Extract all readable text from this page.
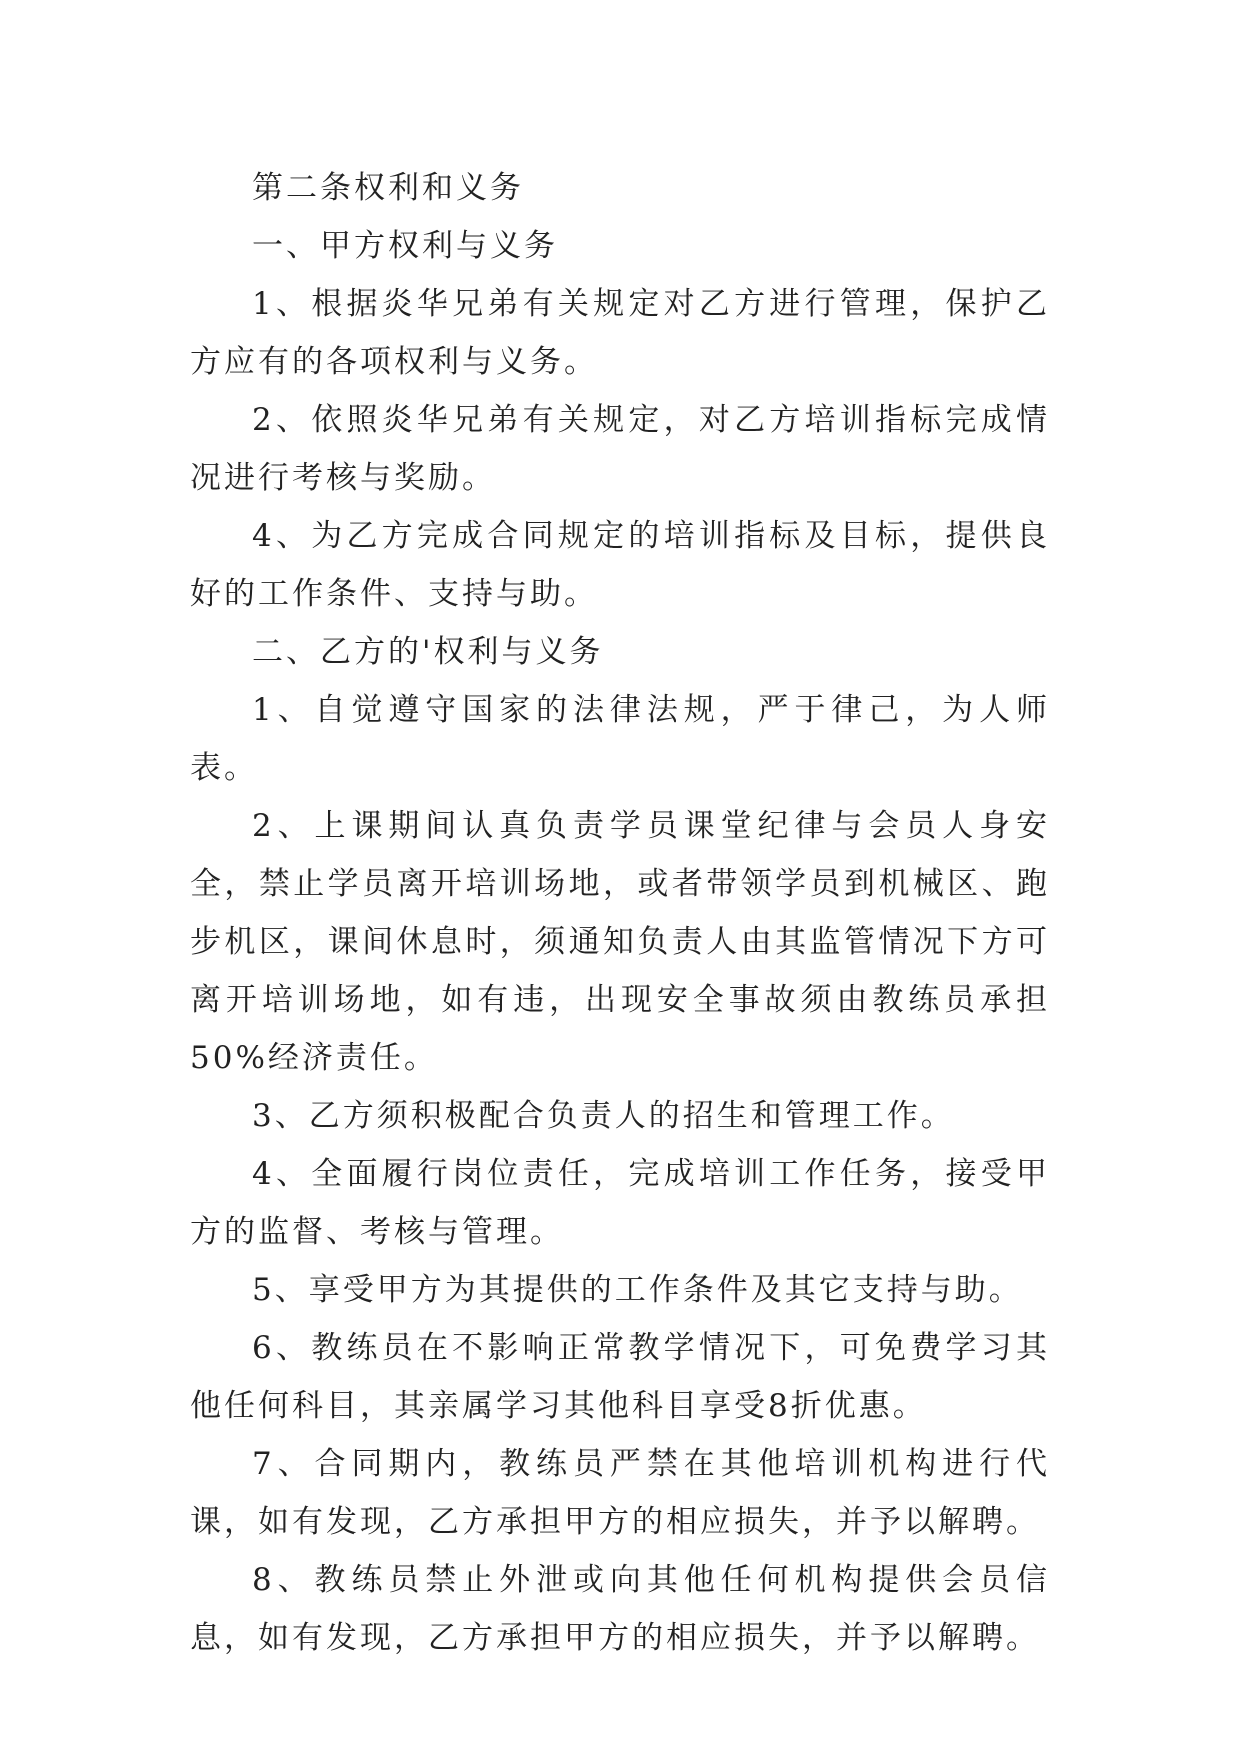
第二条权利和义务

一、甲方权利与义务

1、根据炎华兄弟有关规定对乙方进行管理，保护乙方应有的各项权利与义务。

2、依照炎华兄弟有关规定，对乙方培训指标完成情况进行考核与奖励。

4、为乙方完成合同规定的培训指标及目标，提供良好的工作条件、支持与助。

二、乙方的'权利与义务

1、自觉遵守国家的法律法规，严于律己，为人师表。

2、上课期间认真负责学员课堂纪律与会员人身安全，禁止学员离开培训场地，或者带领学员到机械区、跑步机区，课间休息时，须通知负责人由其监管情况下方可离开培训场地，如有违，出现安全事故须由教练员承担50%经济责任。

3、乙方须积极配合负责人的招生和管理工作。

4、全面履行岗位责任，完成培训工作任务，接受甲方的监督、考核与管理。

5、享受甲方为其提供的工作条件及其它支持与助。

6、教练员在不影响正常教学情况下，可免费学习其他任何科目，其亲属学习其他科目享受8折优惠。

7、合同期内，教练员严禁在其他培训机构进行代课，如有发现，乙方承担甲方的相应损失，并予以解聘。

8、教练员禁止外泄或向其他任何机构提供会员信息，如有发现，乙方承担甲方的相应损失，并予以解聘。
